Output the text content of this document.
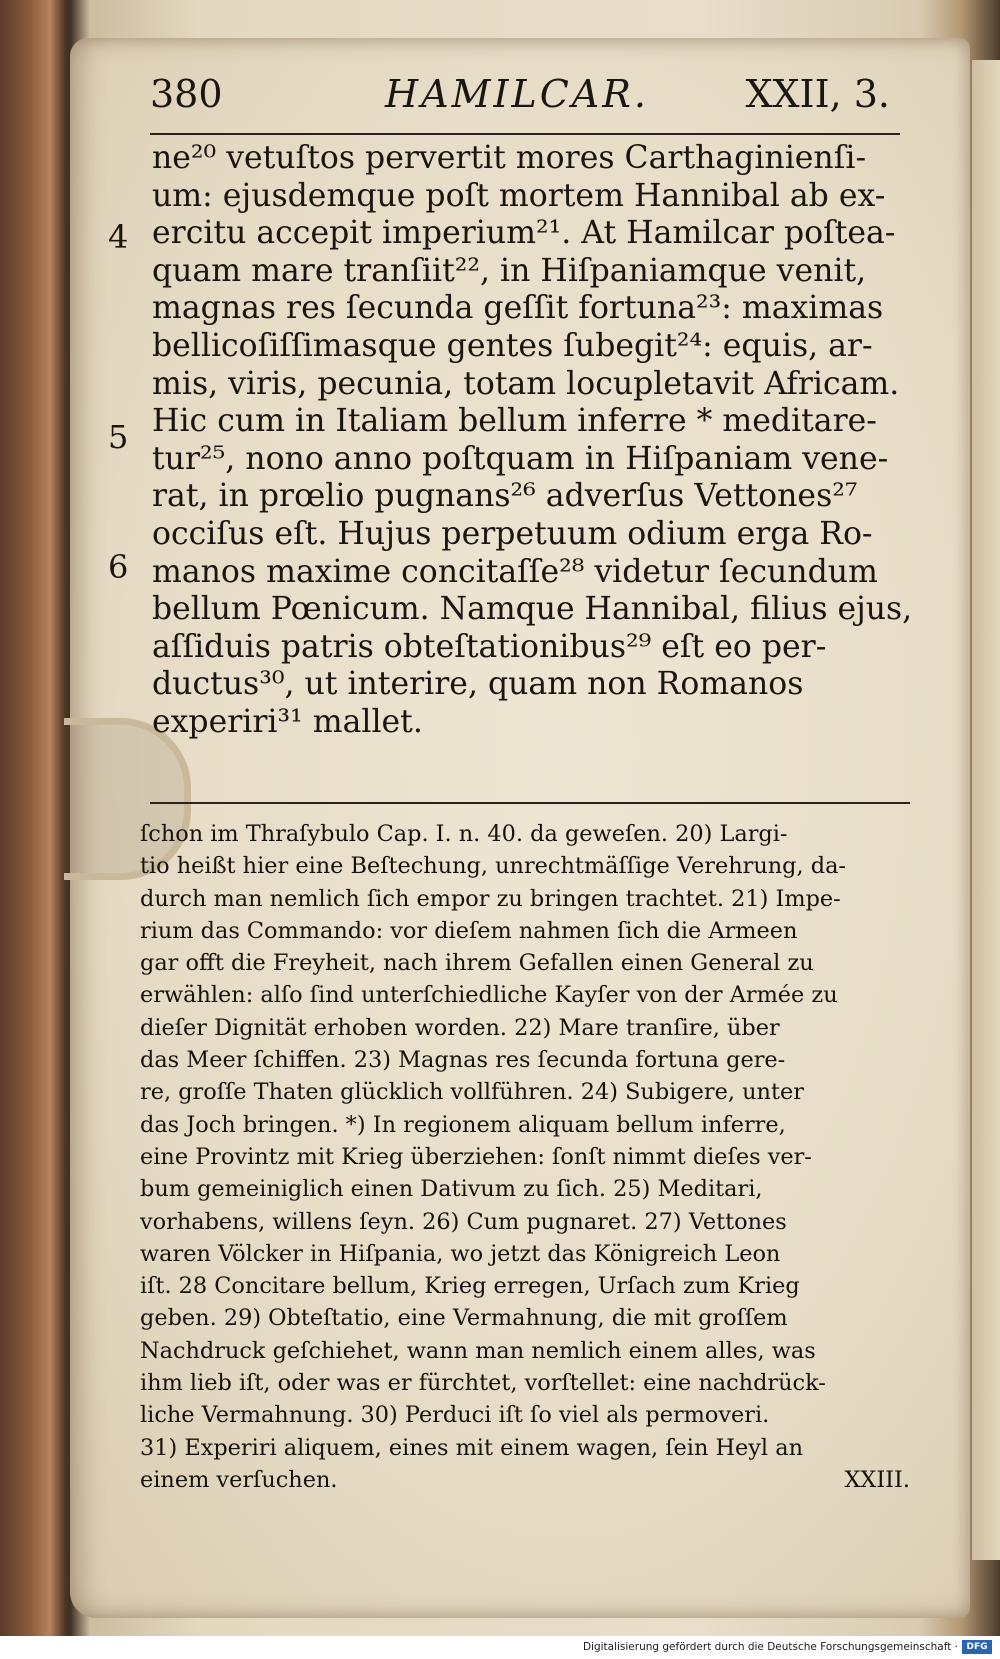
380	HAMILCAR.	XXII, 3.
4
5
6
ne²⁰ vetuſtos pervertit mores Carthaginienſi-
um: ejusdemque poſt mortem Hannibal ab ex-
ercitu accepit imperium²¹. At Hamilcar poſtea-
quam mare tranſiit²², in Hiſpaniamque venit,
magnas res ſecunda geſſit fortuna²³: maximas
bellicoſiſſimasque gentes ſubegit²⁴: equis, ar-
mis, viris, pecunia, totam locupletavit Africam.
Hic cum in Italiam bellum inferre * meditare-
tur²⁵, nono anno poſtquam in Hiſpaniam vene-
rat, in prœlio pugnans²⁶ adverſus Vettones²⁷
occiſus eſt. Hujus perpetuum odium erga Ro-
manos maxime concitaſſe²⁸ videtur ſecundum
bellum Pœnicum. Namque Hannibal, filius ejus,
aſſiduis patris obteſtationibus²⁹ eſt eo per-
ductus³⁰, ut interire, quam non Romanos
experiri³¹ mallet.
ſchon im Thraſybulo Cap. I. n. 40. da geweſen. 20) Largi-
tio heißt hier eine Beſtechung, unrechtmäſſige Verehrung, da-
durch man nemlich ſich empor zu bringen trachtet. 21) Impe-
rium das Commando: vor dieſem nahmen ſich die Armeen
gar offt die Freyheit, nach ihrem Gefallen einen General zu
erwählen: alſo ſind unterſchiedliche Kayſer von der Armée zu
dieſer Dignität erhoben worden. 22) Mare tranſire, über
das Meer ſchiffen. 23) Magnas res ſecunda fortuna gere-
re, groſſe Thaten glücklich vollführen. 24) Subigere, unter
das Joch bringen. *) In regionem aliquam bellum inferre,
eine Provintz mit Krieg überziehen: ſonſt nimmt dieſes ver-
bum gemeiniglich einen Dativum zu ſich. 25) Meditari,
vorhabens, willens ſeyn. 26) Cum pugnaret. 27) Vettones
waren Völcker in Hiſpania, wo jetzt das Königreich Leon
iſt. 28 Concitare bellum, Krieg erregen, Urſach zum Krieg
geben. 29) Obteſtatio, eine Vermahnung, die mit groſſem
Nachdruck geſchiehet, wann man nemlich einem alles, was
ihm lieb iſt, oder was er fürchtet, vorſtellet: eine nachdrück-
liche Vermahnung. 30) Perduci iſt ſo viel als permoveri.
31) Experiri aliquem, eines mit einem wagen, ſein Heyl an
einem verſuchen.	XXIII.
Digitalisierung gefördert durch die Deutsche Forschungsgemeinschaft · DFG
